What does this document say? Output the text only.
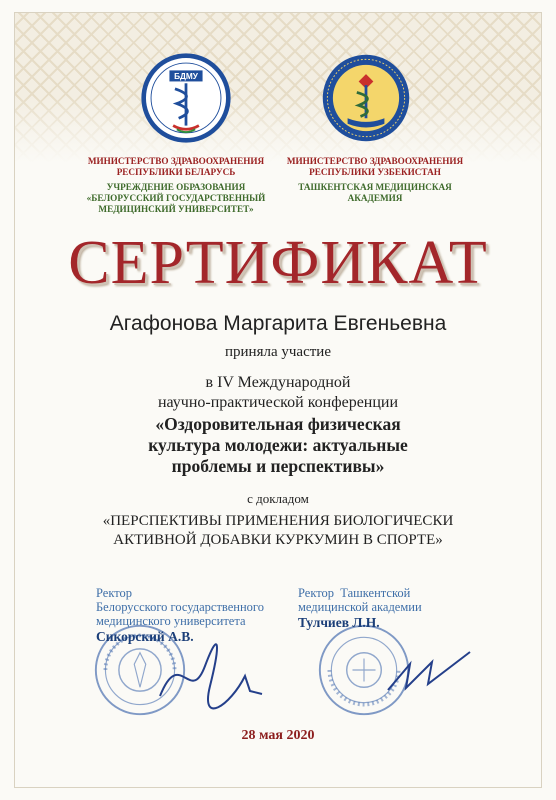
БДМУ
МИНИСТЕРСТВО ЗДРАВООХРАНЕНИЯ
РЕСПУБЛИКИ БЕЛАРУСЬ
УЧРЕЖДЕНИЕ ОБРАЗОВАНИЯ
«БЕЛОРУССКИЙ ГОСУДАРСТВЕННЫЙ
МЕДИЦИНСКИЙ УНИВЕРСИТЕТ»
МИНИСТЕРСТВО ЗДРАВООХРАНЕНИЯ
РЕСПУБЛИКИ УЗБЕКИСТАН
ТАШКЕНТСКАЯ МЕДИЦИНСКАЯ
АКАДЕМИЯ
СЕРТИФИКАТ
Агафонова Маргарита Евгеньевна
приняла участие
в IV Международной
научно-практической конференции
«Оздоровительная физическая
культура молодежи: актуальные
проблемы и перспективы»
с докладом
«ПЕРСПЕКТИВЫ ПРИМЕНЕНИЯ БИОЛОГИЧЕСКИ
АКТИВНОЙ ДОБАВКИ КУРКУМИН В СПОРТЕ»
Ректор
Белорусского государственного
медицинского университета
Сикорский А.В.
Ректор  Ташкентской
медицинской академии
Тулчиев Л.Н.
28 мая 2020
